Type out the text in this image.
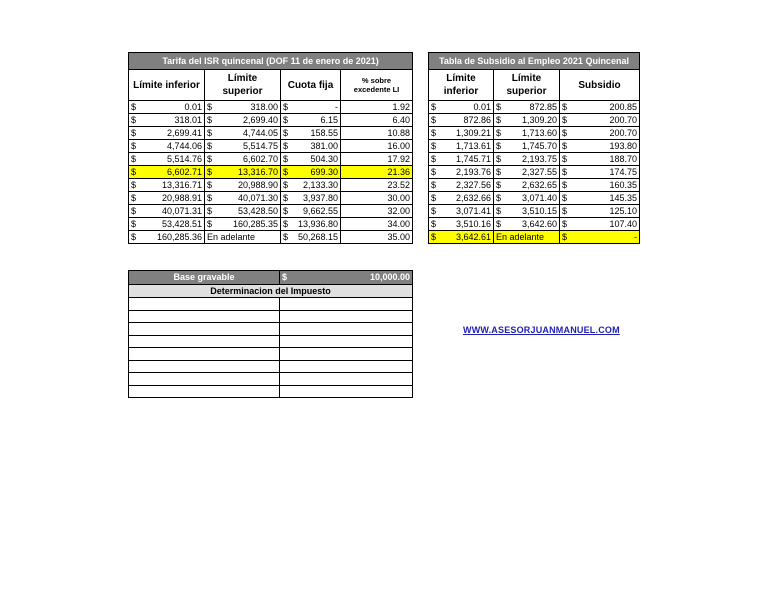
Tarifa del ISR quincenal (DOF 11 de enero de 2021)			
Límite inferior	Límite superior	Cuota fija	% sobre excedente LI

$ 0.01	$ 318.00	$ -	1.92

$ 318.01	$ 2,699.40	$ 6.15	6.40

$ 2,699.41	$ 4,744.05	$ 158.55	10.88

$ 4,744.06	$ 5,514.75	$ 381.00	16.00

$ 5,514.76	$ 6,602.70	$ 504.30	17.92

$ 6,602.71	$ 13,316.70	$ 699.30	21.36

$ 13,316.71	$ 20,988.90	$ 2,133.30	23.52

$ 20,988.91	$ 40,071.30	$ 3,937.80	30.00

$ 40,071.31	$ 53,428.50	$ 9,662.55	32.00

$ 53,428.51	$ 160,285.35	$ 13,936.80	34.00

$ 160,285.36	En adelante	$ 50,268.15	35.00
Tabla de Subsidio al Empleo 2021 Quincenal		
Límite inferior	Límite superior	Subsidio

$ 0.01	$ 872.85	$ 200.85

$ 872.86	$ 1,309.20	$ 200.70

$ 1,309.21	$ 1,713.60	$ 200.70

$ 1,713.61	$ 1,745.70	$ 193.80

$ 1,745.71	$ 2,193.75	$ 188.70

$ 2,193.76	$ 2,327.55	$ 174.75

$ 2,327.56	$ 2,632.65	$ 160.35

$ 2,632.66	$ 3,071.40	$ 145.35

$ 3,071.41	$ 3,510.15	$ 125.10

$ 3,510.16	$ 3,642.60	$ 107.40

$ 3,642.61	En adelante	$ -
Base gravable	$ 10,000.00

Determinacion del Impuesto	

WWW.ASESORJUANMANUEL.COM
